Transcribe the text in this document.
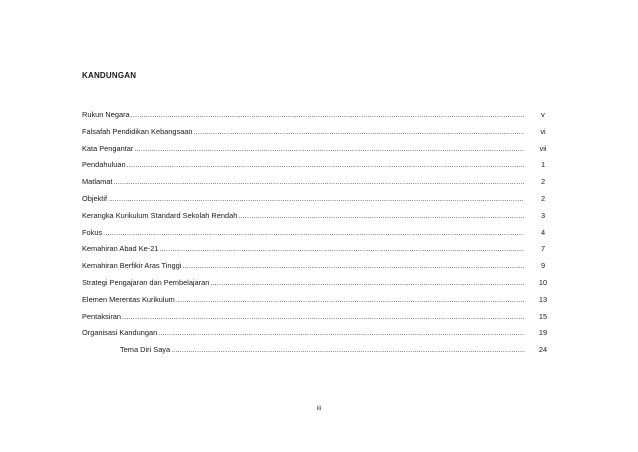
KANDUNGAN
Rukun Negara .....	v
Falsafah Pendidikan Kebangsaan .....	vi
Kata Pengantar .....	vii
Pendahuluan .....	1
Matlamat .....	2
Objektif .....	2
Kerangka Kurikulum Standard Sekolah Rendah .....	3
Fokus .....	4
Kemahiran Abad Ke-21 .....	7
Kemahiran Berfikir Aras Tinggi .....	9
Strategi Pengajaran dan Pembelajaran .....	10
Elemen Merentas Kurikulum .....	13
Pentaksiran .....	15
Organisasi Kandungan .....	19
Tema Diri Saya .....	24
iii
